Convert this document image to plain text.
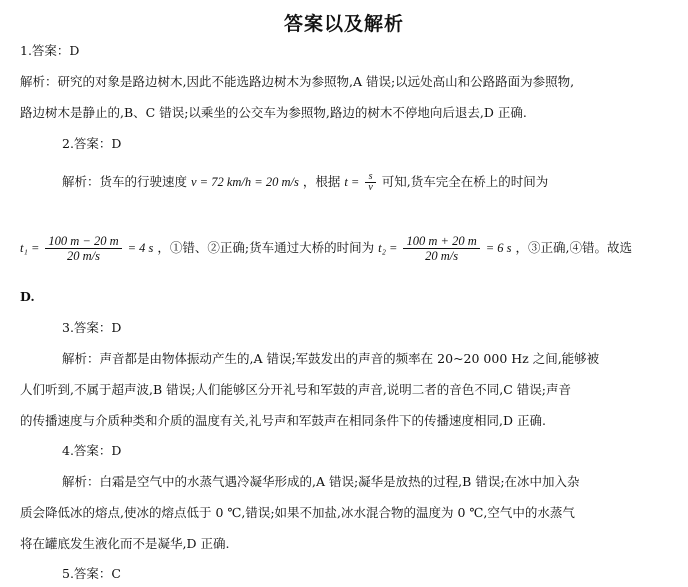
答案以及解析
1.答案：D
解析：研究的对象是路边树木,因此不能选路边树木为参照物,A 错误;以远处高山和公路路面为参照物,
路边树木是静止的,B、C 错误;以乘坐的公交车为参照物,路边的树木不停地向后退去,D 正确.
2.答案：D
解析：货车的行驶速度 v = 72 km/h = 20 m/s ，根据 $t = \frac{s}{v}$ 可知,货车完全在桥上的时间为
$t_1 = \frac{100 m - 20 m}{20 m/s} = 4$ s ，①错、②正确;货车通过大桥的时间为 $t_2 = \frac{100 m + 20 m}{20 m/s} = 6$ s ，③正确,④错。故选
D.
3.答案：D
解析：声音都是由物体振动产生的,A 错误;军鼓发出的声音的频率在 20~20 000 Hz 之间,能够被
人们听到,不属于超声波,B 错误;人们能够区分开礼号和军鼓的声音,说明二者的音色不同,C 错误;声音
的传播速度与介质种类和介质的温度有关,礼号声和军鼓声在相同条件下的传播速度相同,D 正确.
4.答案：D
解析：白霜是空气中的水蒸气遇冷凝华形成的,A 错误;凝华是放热的过程,B 错误;在冰中加入杂
质会降低冰的熔点,使冰的熔点低于 0 ℃,错误;如果不加盐,冰水混合物的温度为 0 ℃,空气中的水蒸气
将在罐底发生液化而不是凝华,D 正确.
5.答案：C
